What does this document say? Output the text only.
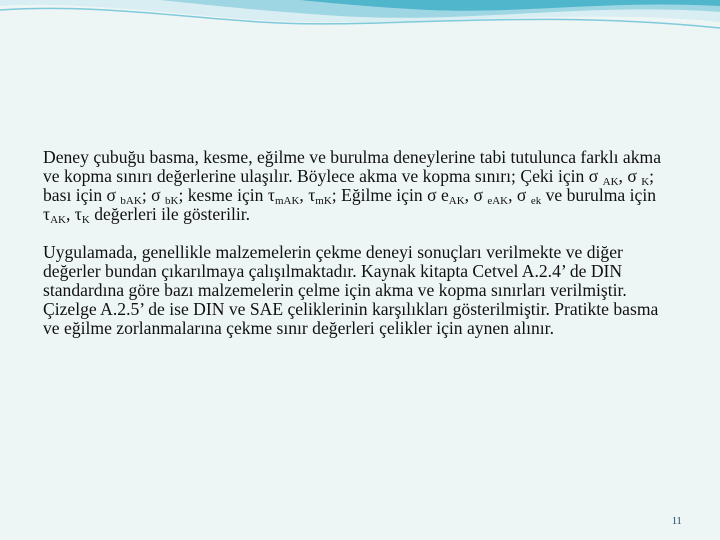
Deney çubuğu basma, kesme, eğilme ve burulma deneylerine tabi tutulunca farklı akma ve kopma sınırı değerlerine ulaşılır. Böylece akma ve kopma sınırı; Çeki için σ $_{AK}$, σ $_K$; bası için σ $_{bAK}$; σ $_{bK}$; kesme için $\tau_{mAK}$, $\tau_{mK}$; Eğilme için σ $e_{AK}$, σ $_{eAK}$, σ $_{ek}$ ve burulma için $\tau_{AK}$, $\tau_K$ değerleri ile gösterilir.

Uygulamada, genellikle malzemelerin çekme deneyi sonuçları verilmekte ve diğer değerler bundan çıkarılmaya çalışılmaktadır. Kaynak kitapta Cetvel A.2.4’ de DIN standardına göre bazı malzemelerin çelme için akma ve kopma sınırları verilmiştir. Çizelge A.2.5’ de ise DIN ve SAE çeliklerinin karşılıkları gösterilmiştir. Pratikte basma ve eğilme zorlanmalarına çekme sınır değerleri çelikler için aynen alınır.

11
